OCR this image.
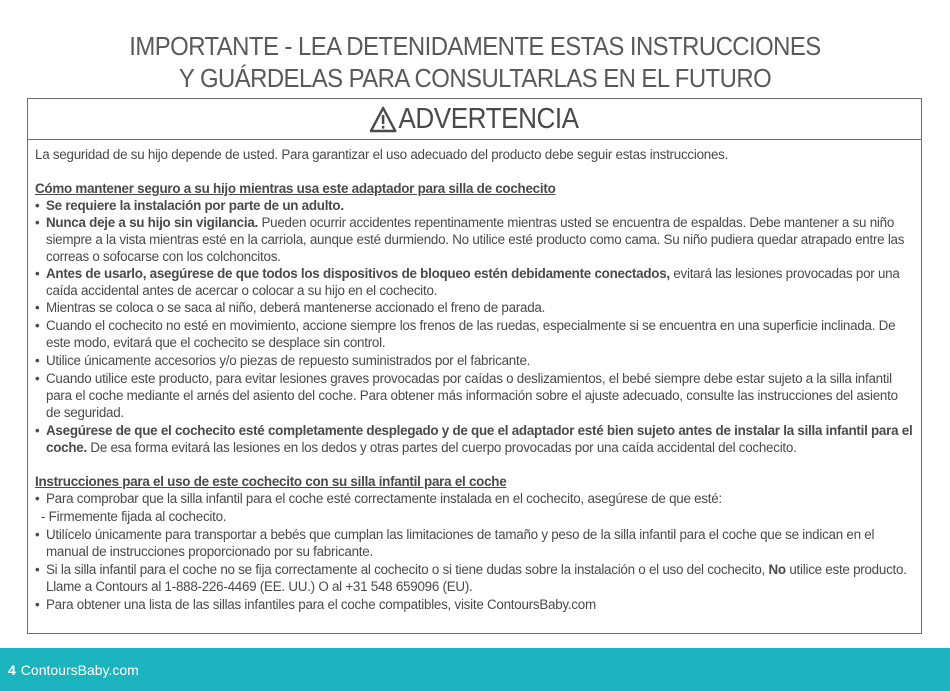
IMPORTANTE - LEA DETENIDAMENTE ESTAS INSTRUCCIONES
Y GUÁRDELAS PARA CONSULTARLAS EN EL FUTURO
ADVERTENCIA

La seguridad de su hijo depende de usted. Para garantizar el uso adecuado del producto debe seguir estas instrucciones.

Cómo mantener seguro a su hijo mientras usa este adaptador para silla de cochecito

• Se requiere la instalación por parte de un adulto.

• Nunca deje a su hijo sin vigilancia. Pueden ocurrir accidentes repentinamente mientras usted se encuentra de espaldas. Debe mantener a su niño siempre a la vista mientras esté en la carriola, aunque esté durmiendo. No utilice esté producto como cama. Su niño pudiera quedar atrapado entre las correas o sofocarse con los colchoncitos.

• Antes de usarlo, asegúrese de que todos los dispositivos de bloqueo estén debidamente conectados, evitará las lesiones provocadas por una caída accidental antes de acercar o colocar a su hijo en el cochecito.

• Mientras se coloca o se saca al niño, deberá mantenerse accionado el freno de parada.

• Cuando el cochecito no esté en movimiento, accione siempre los frenos de las ruedas, especialmente si se encuentra en una superficie inclinada. De este modo, evitará que el cochecito se desplace sin control.

• Utilice únicamente accesorios y/o piezas de repuesto suministrados por el fabricante.

• Cuando utilice este producto, para evitar lesiones graves provocadas por caídas o deslizamientos, el bebé siempre debe estar sujeto a la silla infantil para el coche mediante el arnés del asiento del coche. Para obtener más información sobre el ajuste adecuado, consulte las instrucciones del asiento de seguridad.

• Asegúrese de que el cochecito esté completamente desplegado y de que el adaptador esté bien sujeto antes de instalar la silla infantil para el coche. De esa forma evitará las lesiones en los dedos y otras partes del cuerpo provocadas por una caída accidental del cochecito.

Instrucciones para el uso de este cochecito con su silla infantil para el coche

• Para comprobar que la silla infantil para el coche esté correctamente instalada en el cochecito, asegúrese de que esté:

- Firmemente fijada al cochecito.

• Utilícelo únicamente para transportar a bebés que cumplan las limitaciones de tamaño y peso de la silla infantil para el coche que se indican en el manual de instrucciones proporcionado por su fabricante.

• Si la silla infantil para el coche no se fija correctamente al cochecito o si tiene dudas sobre la instalación o el uso del cochecito, No utilice este producto. Llame a Contours al 1-888-226-4469 (EE. UU.) O al +31 548 659096 (EU).

• Para obtener una lista de las sillas infantiles para el coche compatibles, visite ContoursBaby.com

4 ContoursBaby.com
